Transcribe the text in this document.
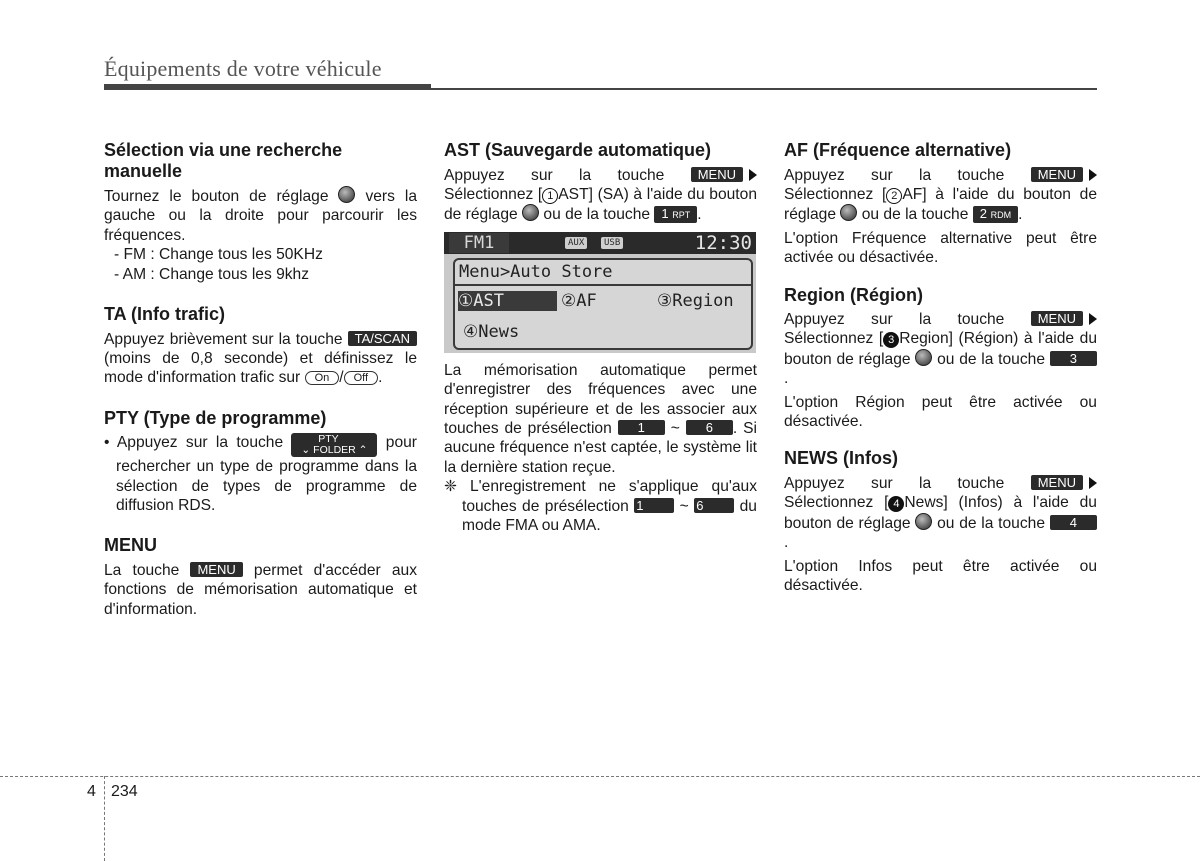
Équipements de votre véhicule
Sélection via une recherche manuelle

Tournez le bouton de réglage vers la gauche ou la droite pour parcourir les fréquences.

- FM : Change tous les 50KHz
- AM : Change tous les 9khz
TA (Info trafic)

Appuyez brièvement sur la touche TA/SCAN (moins de 0,8 seconde) et définissez le mode d'information trafic sur On / Off .

PTY (Type de programme)
• Appuyez sur la touche	PTY
⌄ FOLDER ⌃ pour rechercher un type de programme dans la sélection de types de programme de diffusion RDS.
MENU

La touche MENU permet d'accéder aux fonctions de mémorisation automatique et d'information.

AST (Sauvegarde automatique)

Appuyez sur la touche	MENU Sélectionnez [ 1 AST] (SA) à l'aide du bouton de réglage ou de la touche 1 RPT .

FM1	AUX	USB	12:30
Menu>Auto Store
①AST	②AF	③Region
④News

La mémorisation automatique permet d'enregistrer des fréquences avec une réception supérieure et de les associer aux touches de présélection 1 ~ 6 . Si aucune fréquence n'est captée, le système lit la dernière station reçue.

❈ L'enregistrement ne s'applique qu'aux touches de présélection 1 ~ 6 du mode FMA ou AMA.

AF (Fréquence alternative)

Appuyez sur la touche	MENU Sélectionnez [ 2 AF] à l'aide du bouton de réglage ou de la touche 2 RDM .

L'option Fréquence alternative peut être activée ou désactivée.

Region (Région)

Appuyez sur la touche	MENU Sélectionnez [ 3 Region] (Région) à l'aide du bouton de réglage ou de la touche 3.

L'option Région peut être activée ou désactivée.

NEWS (Infos)

Appuyez sur la touche	MENU Sélectionnez [ 4 News] (Infos) à l'aide du bouton de réglage ou de la touche 4.

L'option Infos peut être activée ou désactivée.

4 234
